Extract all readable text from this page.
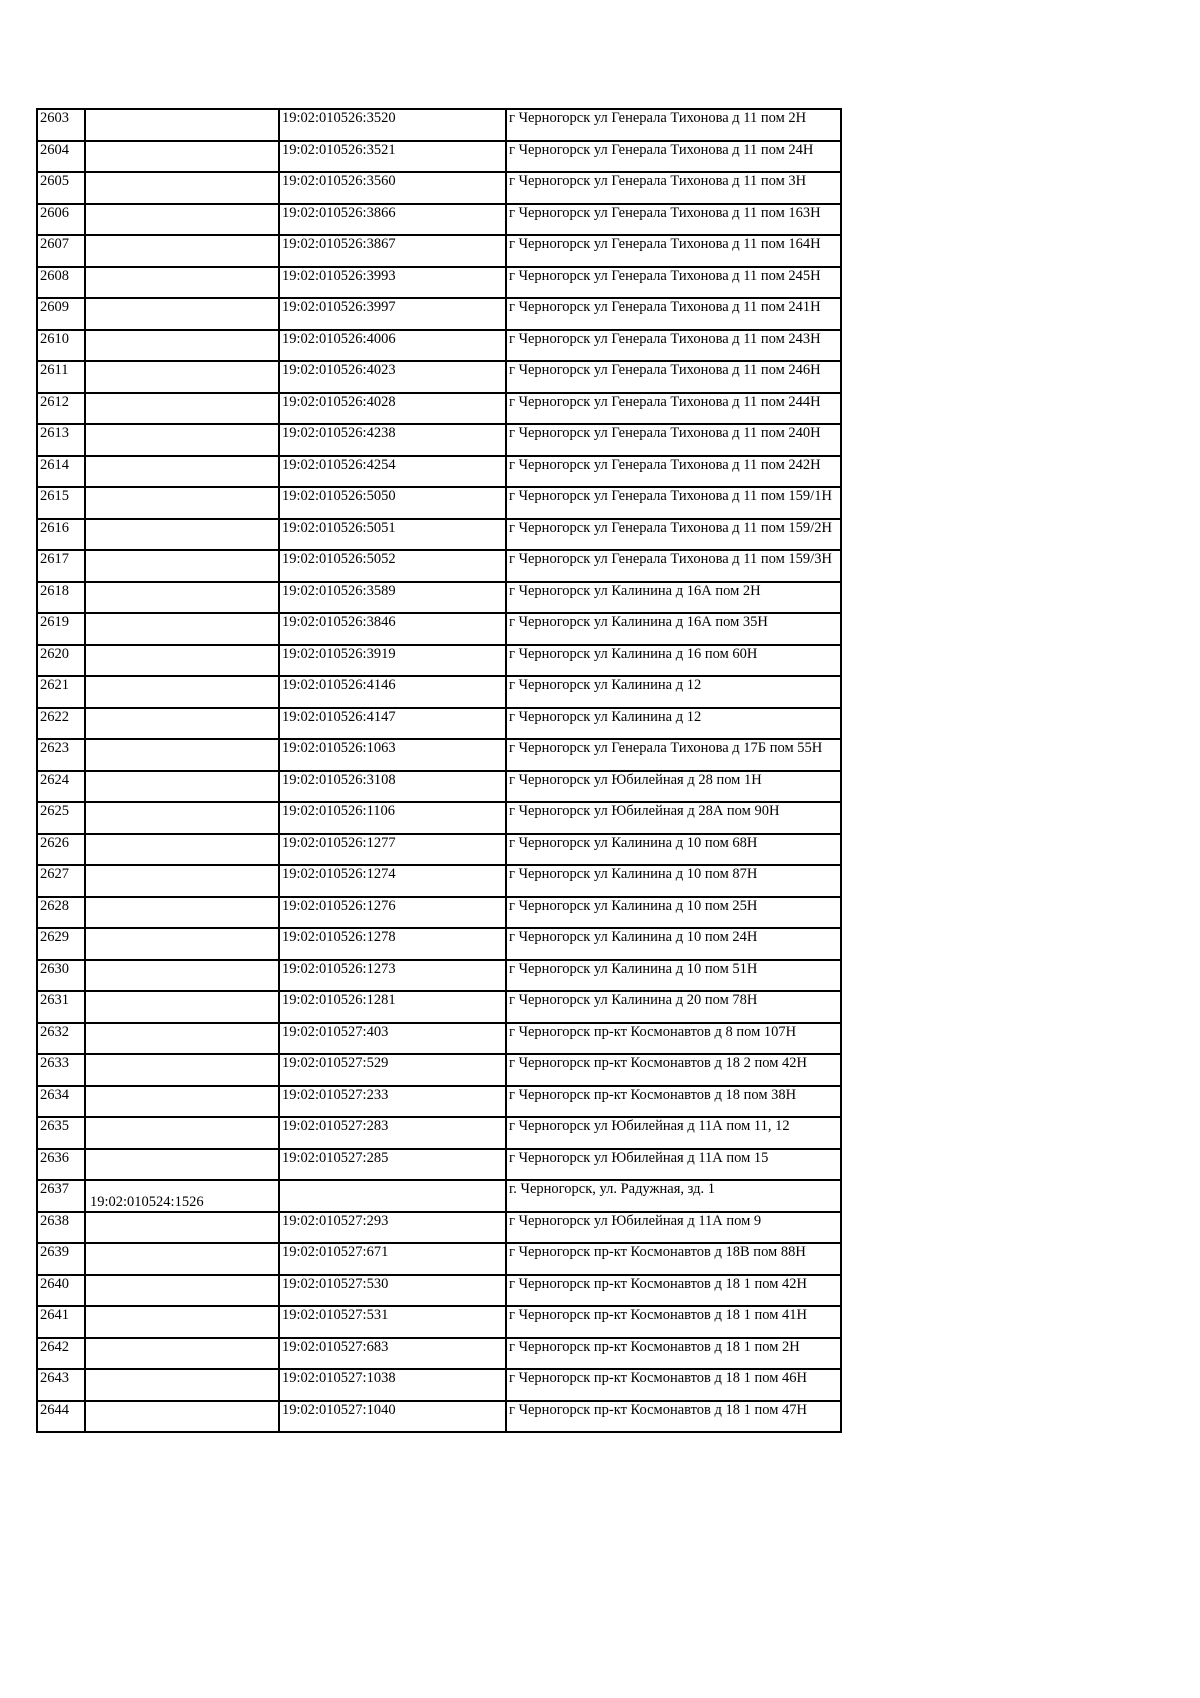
2603		19:02:010526:3520	г Черногорск ул Генерала Тихонова д 11 пом 2Н

2604		19:02:010526:3521	г Черногорск ул Генерала Тихонова д 11 пом 24Н

2605		19:02:010526:3560	г Черногорск ул Генерала Тихонова д 11 пом 3Н

2606		19:02:010526:3866	г Черногорск ул Генерала Тихонова д 11 пом 163Н

2607		19:02:010526:3867	г Черногорск ул Генерала Тихонова д 11 пом 164Н

2608		19:02:010526:3993	г Черногорск ул Генерала Тихонова д 11 пом 245Н

2609		19:02:010526:3997	г Черногорск ул Генерала Тихонова д 11 пом 241Н

2610		19:02:010526:4006	г Черногорск ул Генерала Тихонова д 11 пом 243Н

2611		19:02:010526:4023	г Черногорск ул Генерала Тихонова д 11 пом 246Н

2612		19:02:010526:4028	г Черногорск ул Генерала Тихонова д 11 пом 244Н

2613		19:02:010526:4238	г Черногорск ул Генерала Тихонова д 11 пом 240Н

2614		19:02:010526:4254	г Черногорск ул Генерала Тихонова д 11 пом 242Н

2615		19:02:010526:5050	г Черногорск ул Генерала Тихонова д 11 пом 159/1Н

2616		19:02:010526:5051	г Черногорск ул Генерала Тихонова д 11 пом 159/2Н

2617		19:02:010526:5052	г Черногорск ул Генерала Тихонова д 11 пом 159/3Н

2618		19:02:010526:3589	г Черногорск ул Калинина д 16А пом 2Н

2619		19:02:010526:3846	г Черногорск ул Калинина д 16А пом 35Н

2620		19:02:010526:3919	г Черногорск ул Калинина д 16 пом 60Н

2621		19:02:010526:4146	г Черногорск ул Калинина д 12

2622		19:02:010526:4147	г Черногорск ул Калинина д 12

2623		19:02:010526:1063	г Черногорск ул Генерала Тихонова д 17Б пом 55Н

2624		19:02:010526:3108	г Черногорск ул Юбилейная д 28 пом 1Н

2625		19:02:010526:1106	г Черногорск ул Юбилейная д 28А пом 90Н

2626		19:02:010526:1277	г Черногорск ул Калинина д 10 пом 68Н

2627		19:02:010526:1274	г Черногорск ул Калинина д 10 пом 87Н

2628		19:02:010526:1276	г Черногорск ул Калинина д 10 пом 25Н

2629		19:02:010526:1278	г Черногорск ул Калинина д 10 пом 24Н

2630		19:02:010526:1273	г Черногорск ул Калинина д 10 пом 51Н

2631		19:02:010526:1281	г Черногорск ул Калинина д 20 пом 78Н

2632		19:02:010527:403	г Черногорск пр-кт Космонавтов д 8 пом 107Н

2633		19:02:010527:529	г Черногорск пр-кт Космонавтов д 18 2 пом 42Н

2634		19:02:010527:233	г Черногорск пр-кт Космонавтов д 18 пом 38Н

2635		19:02:010527:283	г Черногорск ул Юбилейная д 11А пом 11, 12

2636		19:02:010527:285	г Черногорск ул Юбилейная д 11А пом 15

2637	19:02:010524:1526		г. Черногорск, ул. Радужная, зд. 1

2638		19:02:010527:293	г Черногорск ул Юбилейная д 11А пом 9

2639		19:02:010527:671	г Черногорск пр-кт Космонавтов д 18В пом 88Н

2640		19:02:010527:530	г Черногорск пр-кт Космонавтов д 18 1 пом 42Н

2641		19:02:010527:531	г Черногорск пр-кт Космонавтов д 18 1 пом 41Н

2642		19:02:010527:683	г Черногорск пр-кт Космонавтов д 18 1 пом 2Н

2643		19:02:010527:1038	г Черногорск пр-кт Космонавтов д 18 1 пом 46Н

2644		19:02:010527:1040	г Черногорск пр-кт Космонавтов д 18 1 пом 47Н
